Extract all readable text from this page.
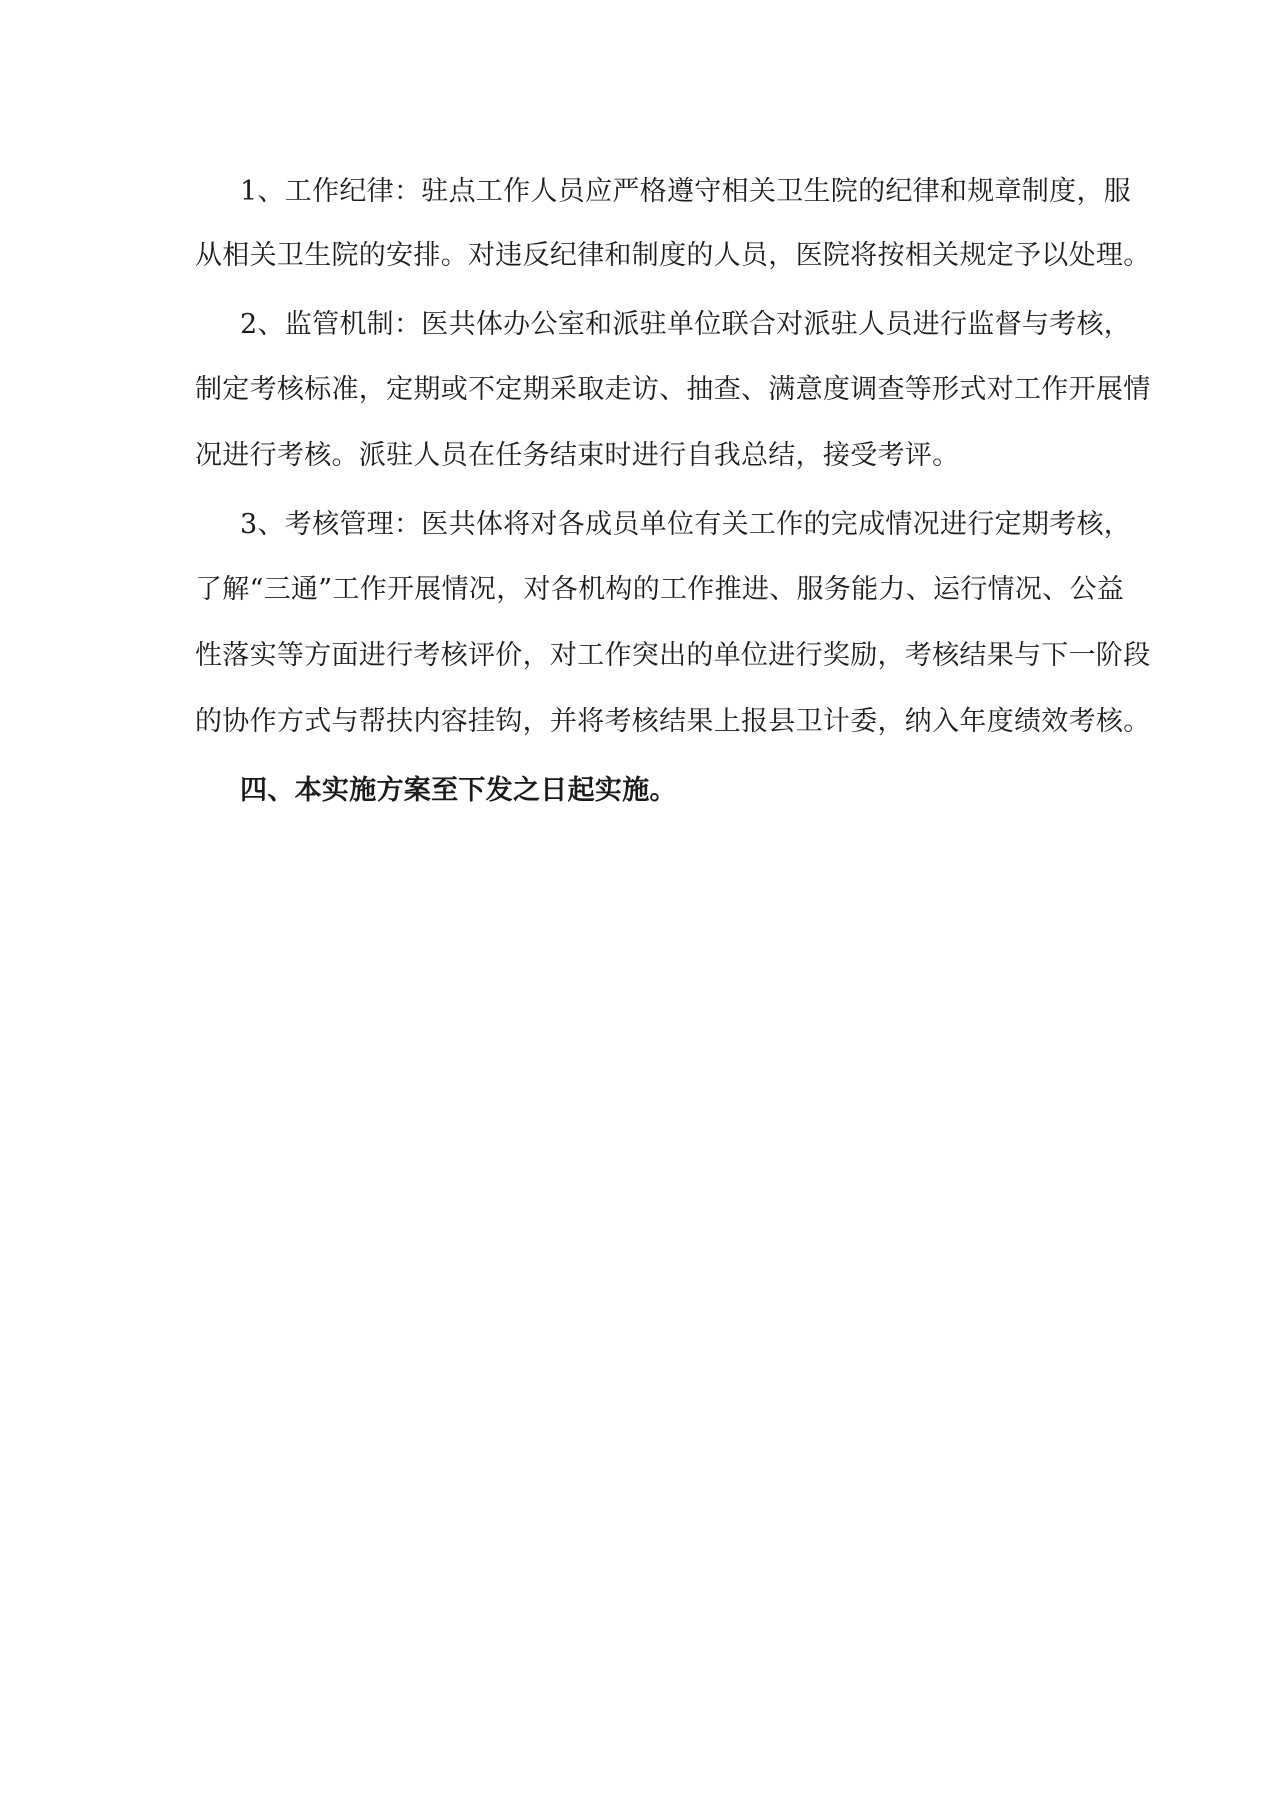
1、工作纪律：驻点工作人员应严格遵守相关卫生院的纪律和规章制度，服
从相关卫生院的安排。对违反纪律和制度的人员，医院将按相关规定予以处理。
2、监管机制：医共体办公室和派驻单位联合对派驻人员进行监督与考核，
制定考核标准，定期或不定期采取走访、抽查、满意度调查等形式对工作开展情
况进行考核。派驻人员在任务结束时进行自我总结，接受考评。
3、考核管理：医共体将对各成员单位有关工作的完成情况进行定期考核，
了解“三通”工作开展情况，对各机构的工作推进、服务能力、运行情况、公益
性落实等方面进行考核评价，对工作突出的单位进行奖励，考核结果与下一阶段
的协作方式与帮扶内容挂钩，并将考核结果上报县卫计委，纳入年度绩效考核。
四、本实施方案至下发之日起实施。
